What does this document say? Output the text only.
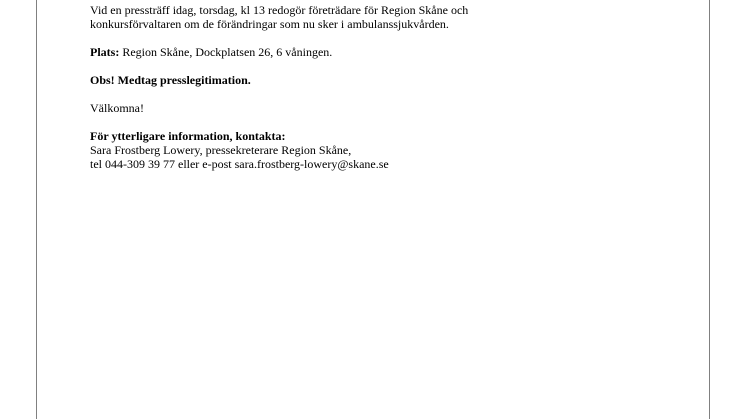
Vid en pressträff idag, torsdag, kl 13 redogör företrädare för Region Skåne och
konkursförvaltaren om de förändringar som nu sker i ambulanssjukvården.

Plats: Region Skåne, Dockplatsen 26, 6 våningen.

Obs! Medtag presslegitimation.

Välkomna!

För ytterligare information, kontakta:
Sara Frostberg Lowery, pressekreterare Region Skåne,
tel 044-309 39 77 eller e-post sara.frostberg-lowery@skane.se
